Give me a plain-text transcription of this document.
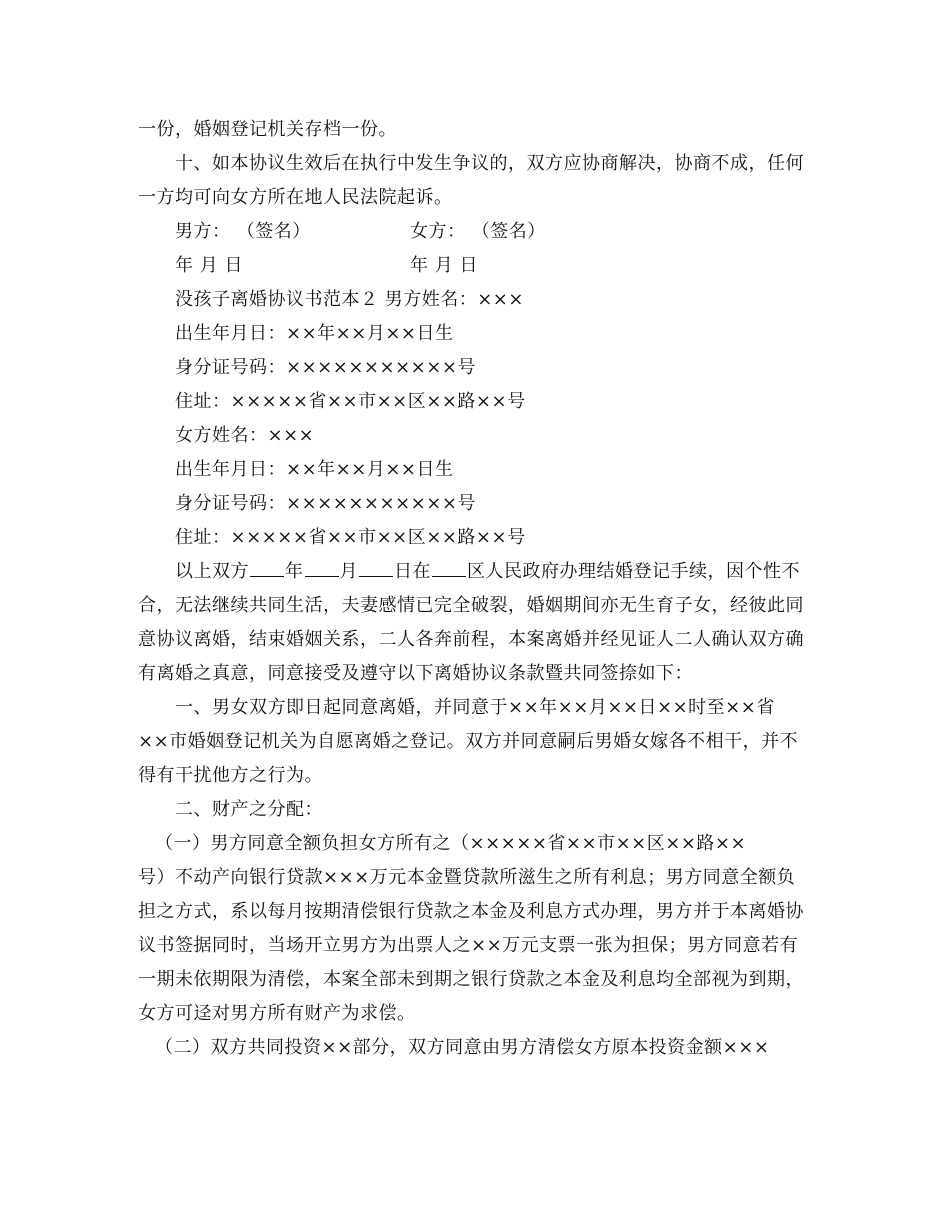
一份，婚姻登记机关存档一份。
十、如本协议生效后在执行中发生争议的，双方应协商解决，协商不成，任何
一方均可向女方所在地人民法院起诉。
男方： （签名）	女方： （签名）
年 月 日	年 月 日
没孩子离婚协议书范本２ 男方姓名：×××
出生年月日：××年××月××日生
身分证号码：×××××××××××号
住址：×××××省××市××区××路××号
女方姓名：×××
出生年月日：××年××月××日生
身分证号码：×××××××××××号
住址：×××××省××市××区××路××号
以上双方 年 月 日在 区人民政府办理结婚登记手续，因个性不
合，无法继续共同生活，夫妻感情已完全破裂，婚姻期间亦无生育子女，经彼此同
意协议离婚，结束婚姻关系，二人各奔前程，本案离婚并经见证人二人确认双方确
有离婚之真意，同意接受及遵守以下离婚协议条款暨共同签捺如下：
一、男女双方即日起同意离婚，并同意于××年××月××日××时至××省
××市婚姻登记机关为自愿离婚之登记。双方并同意嗣后男婚女嫁各不相干，并不
得有干扰他方之行为。
二、财产之分配：
（一）男方同意全额负担女方所有之（×××××省××市××区××路××
号）不动产向银行贷款×××万元本金暨贷款所滋生之所有利息；男方同意全额负
担之方式，系以每月按期清偿银行贷款之本金及利息方式办理，男方并于本离婚协
议书签据同时，当场开立男方为出票人之××万元支票一张为担保；男方同意若有
一期未依期限为清偿，本案全部未到期之银行贷款之本金及利息均全部视为到期，
女方可迳对男方所有财产为求偿。
（二）双方共同投资××部分，双方同意由男方清偿女方原本投资金额×××
